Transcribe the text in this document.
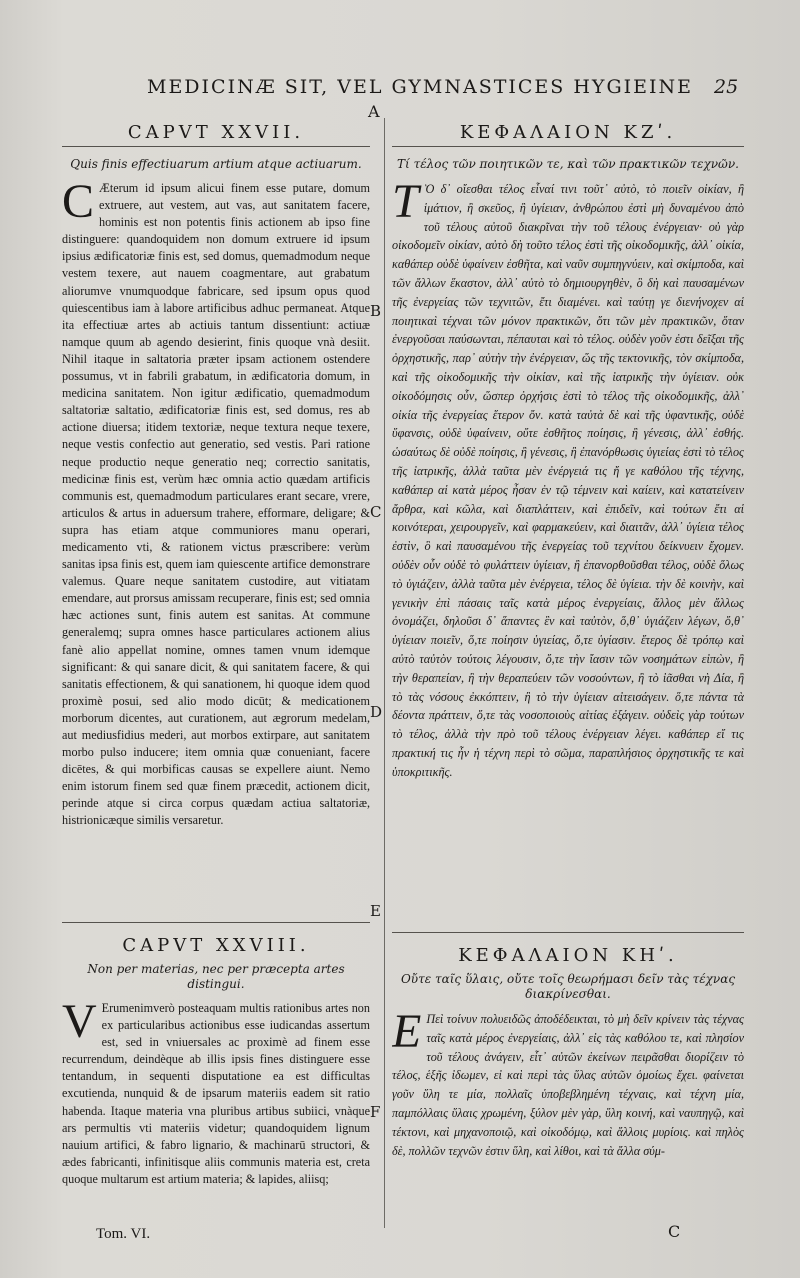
MEDICINÆ SIT, VEL GYMNASTICES HYGIEINE	25
A
B
C
D
E
F
CAPVT XXVII.
Quis finis effectiuarum artium atque actiuarum.

C Æterum id ipsum alicui finem esse putare, domum extruere, aut vestem, aut vas, aut sanitatem facere, hominis est non potentis finis actionem ab ipso fine distinguere: quandoquidem non domum extruere id ipsum ipsius ædificatoriæ finis est, sed domus, quemadmodum neque vestem texere, aut nauem coagmentare, aut grabatum aliorumve vnumquodque fabricare, sed ipsum opus quod quiescentibus iam à labore artificibus adhuc permaneat. Atque ita effectiuæ artes ab actiuis tantum dissentiunt: actiuæ namque quum ab agendo desierint, finis quoque vnà desiit. Nihil itaque in saltatoria præter ipsam actionem ostendere possumus, vt in fabrili grabatum, in ædificatoria domum, in medicina sanitatem. Non igitur ædificatio, quemadmodum saltatoriæ saltatio, ædificatoriæ finis est, sed domus, res ab actione diuersa; itidem textoriæ, neque textura neque texere, neque vestis confectio aut generatio, sed vestis. Pari ratione neque productio neque generatio neq; correctio sanitatis, medicinæ finis est, verùm hæc omnia actio quædam artificis communis est, quemadmodum particulares erant secare, vrere, articulos & artus in aduersum trahere, efformare, deligare; & supra has etiam atque communiores manu operari, medicamento vti, & rationem victus præscribere: verùm sanitas ipsa finis est, quem iam quiescente artifice demonstrare valemus. Quare neque sanitatem custodire, aut vitiatam emendare, aut prorsus amissam recuperare, finis est; sed omnia hæc actiones sunt, finis autem est sanitas. At commune generalemq; supra omnes hasce particulares actionem alius fanè alio appellat nomine, omnes tamen vnum idemque significant: & qui sanare dicit, & qui sanitatem facere, & qui sanitatis effectionem, & qui sanationem, hi quoque idem quod proximè posui, sed alio modo dicūt; & medicationem morborum dicentes, aut curationem, aut ægrorum medelam, aut mediusfidius mederi, aut morbos extirpare, aut sanitatem morbo pulso inducere; item omnia quæ conueniant, facere dicētes, & qui morbificas causas se expellere aiunt. Nemo enim istorum finem sed quæ finem præcedit, actionem dicit, perinde atque si circa corpus quædam actiua saltatoriæ, histrionicæque similis versaretur.

CAPVT XXVIII.
Non per materias, nec per præcepta artes distingui.

V Erumenimverò posteaquam multis rationibus artes non ex particularibus actionibus esse iudicandas assertum est, sed in vniuersales ac proximè ad finem esse recurrendum, deindèque ab illis ipsis fines distinguere esse tentandum, in sequenti disputatione ea est difficultas excutienda, nunquid & de ipsarum materiis eadem sit ratio habenda. Itaque materia vna pluribus artibus subiici, vnàque ars permultis vti materiis videtur; quandoquidem lignum nauium artifici, & fabro lignario, & machinarū structori, & ædes fabricanti, infinitisque aliis communis materia est, creta quoque multarum est artium materia; & lapides, aliisq;

ΚΕΦΑΛΑΙΟΝ ΚΖʹ.
Τί τέλος τῶν ποιητικῶν τε, καὶ τῶν πρακτικῶν τεχνῶν.

Τ Ὸ δ᾽ οἴεσθαι τέλος εἶναί τινι τοῦτ᾽ αὐτὸ, τὸ ποιεῖν οἰκίαν, ἢ ἱμάτιον, ἢ σκεῦος, ἢ ὑγίειαν, ἀνθρώπου ἐστὶ μὴ δυναμένου ἀπὸ τοῦ τέλους αὐτοῦ διακρῖναι τὴν τοῦ τέλους ἐνέργειαν· οὐ γὰρ οἰκοδομεῖν οἰκίαν, αὐτὸ δὴ τοῦτο τέλος ἐστὶ τῆς οἰκοδομικῆς, ἀλλ᾽ οἰκία, καθάπερ οὐδὲ ὑφαίνειν ἐσθῆτα, καὶ ναῦν συμπηγνύειν, καὶ σκίμποδα, καὶ τῶν ἄλλων ἕκαστον, ἀλλ᾽ αὐτὸ τὸ δημιουργηθὲν, ὃ δὴ καὶ παυσαμένων τῆς ἐνεργείας τῶν τεχνιτῶν, ἔτι διαμένει. καὶ ταύτῃ γε διενήνοχεν αἱ ποιητικαὶ τέχναι τῶν μόνον πρακτικῶν, ὅτι τῶν μὲν πρακτικῶν, ὅταν ἐνεργοῦσαι παύσωνται, πέπαυται καὶ τὸ τέλος. οὐδὲν γοῦν ἐστι δεῖξαι τῆς ὀρχηστικῆς, παρ᾽ αὐτὴν τὴν ἐνέργειαν, ὥς τῆς τεκτονικῆς, τὸν σκίμποδα, καὶ τῆς οἰκοδομικῆς τὴν οἰκίαν, καὶ τῆς ἰατρικῆς τὴν ὑγίειαν. οὐκ οἰκοδόμησις οὖν, ὥσπερ ὀρχήσις ἐστὶ τὸ τέλος τῆς οἰκοδομικῆς, ἀλλ᾽ οἰκία τῆς ἐνεργείας ἕτερον ὄν. κατὰ ταὐτὰ δὲ καὶ τῆς ὑφαντικῆς, οὐδὲ ὕφανσις, οὐδὲ ὑφαίνειν, οὔτε ἐσθῆτος ποίησις, ἢ γένεσις, ἀλλ᾽ ἐσθής. ὡσαύτως δὲ οὐδὲ ποίησις, ἢ γένεσις, ἢ ἐπανόρθωσις ὑγιείας ἐστὶ τὸ τέλος τῆς ἰατρικῆς, ἀλλὰ ταῦτα μὲν ἐνέργειά τις ἤ γε καθόλου τῆς τέχνης, καθάπερ αἱ κατὰ μέρος ἦσαν ἐν τῷ τέμνειν καὶ καίειν, καὶ κατατείνειν ἄρθρα, καὶ κῶλα, καὶ διαπλάττειν, καὶ ἐπιδεῖν, καὶ τούτων ἔτι αἱ κοινότεραι, χειρουργεῖν, καὶ φαρμακεύειν, καὶ διαιτᾶν, ἀλλ᾽ ὑγίεια τέλος ἐστὶν, ὃ καὶ παυσαμένου τῆς ἐνεργείας τοῦ τεχνίτου δείκνυειν ἔχομεν. οὐδὲν οὖν οὐδὲ τὸ φυλάττειν ὑγίειαν, ἢ ἐπανορθοῦσθαι τέλος, οὐδὲ ὅλως τὸ ὑγιάζειν, ἀλλὰ ταῦτα μὲν ἐνέργεια, τέλος δὲ ὑγίεια. τὴν δὲ κοινὴν, καὶ γενικὴν ἐπὶ πάσαις ταῖς κατὰ μέρος ἐνεργείαις, ἄλλος μὲν ἄλλως ὀνομάζει, δηλοῦσι δ᾽ ἅπαντες ἓν καὶ ταὐτὸν, ὅ,θ᾽ ὑγιάζειν λέγων, ὅ,θ᾽ ὑγίειαν ποιεῖν, ὅ,τε ποίησιν ὑγιείας, ὅ,τε ὑγίασιν. ἕτερος δὲ τρόπῳ καὶ αὐτὸ ταὐτὸν τούτοις λέγουσιν, ὅ,τε τὴν ἴασιν τῶν νοσημάτων εἰπὼν, ἢ τὴν θεραπείαν, ἢ τὴν θεραπεύειν τῶν νοσούντων, ἢ τὸ ἰᾶσθαι νὴ Δία, ἢ τὸ τὰς νόσους ἐκκόπτειν, ἢ τὸ τὴν ὑγίειαν αἰτεισάγειν. ὅ,τε πάντα τὰ δέοντα πράττειν, ὅ,τε τὰς νοσοποιοὺς αἰτίας ἐξάγειν. οὐδεὶς γὰρ τούτων τὸ τέλος, ἀλλὰ τὴν πρὸ τοῦ τέλους ἐνέργειαν λέγει. καθάπερ εἴ τις πρακτική τις ἦν ἡ τέχνη περὶ τὸ σῶμα, παραπλήσιος ὀρχηστικῆς τε καὶ ὑποκριτικῆς.

ΚΕΦΑΛΑΙΟΝ ΚΗʹ.
Οὔτε ταῖς ὕλαις, οὔτε τοῖς θεωρήμασι δεῖν τὰς τέχνας διακρίνεσθαι.

Ε Πεὶ τοίνυν πολυειδῶς ἀποδέδεικται, τὸ μὴ δεῖν κρίνειν τὰς τέχνας ταῖς κατὰ μέρος ἐνεργείαις, ἀλλ᾽ εἰς τὰς καθόλου τε, καὶ πλησίον τοῦ τέλους ἀνάγειν, εἶτ᾽ αὐτῶν ἐκείνων πειρᾶσθαι διορίζειν τὸ τέλος, ἑξῆς ἰδωμεν, εἰ καὶ περὶ τὰς ὕλας αὐτῶν ὁμοίως ἔχει. φαίνεται γοῦν ὕλη τε μία, πολλαῖς ὑποβεβλημένη τέχναις, καὶ τέχνη μία, παμπόλλαις ὕλαις χρωμένη, ξύλον μὲν γὰρ, ὕλη κοινή, καὶ ναυπηγῷ, καὶ τέκτονι, καὶ μηχανοποιῷ, καὶ οἰκοδόμῳ, καὶ ἄλλοις μυρίοις. καὶ πηλὸς δὲ, πολλῶν τεχνῶν ἐστιν ὕλη, καὶ λίθοι, καὶ τὰ ἄλλα σύμ-

Tom. VI.	C
